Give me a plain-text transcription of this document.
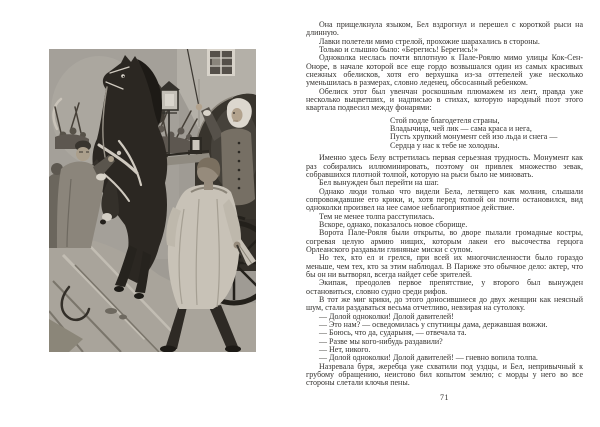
Она прищелкнула языком, Бел вздрогнул и перешел с короткой рыси на длинную.

Лавки полетели мимо стрелой, прохожие шарахались в стороны.

Только и слышно было: «Берегись! Берегись!»

Одноколка неслась почти вплотную к Пале-Роялю мимо улицы Кок-Сен-Оноре, в начале которой все еще гордо возвышался один из самых красивых снежных обелисков, хотя его верхушка из-за оттепелей уже несколько уменьшилась в размерах, словно леденец, обсосанный ребенком.

Обелиск этот был увенчан роскошным плюмажем из лент, правда уже несколько выцветших, и надписью в стихах, которую народный поэт этого квартала подвесил между фонарями:

Стой подле благодетеля страны,
Владычица, чей лик — сама краса и нега,
Пусть хрупкий монумент сей изо льда и снега —
Сердца у нас к тебе не холодны.

Именно здесь Белу встретилась первая серьезная трудность. Монумент как раз собирались иллюминировать, поэтому он привлек множество зевак, собравшихся плотной толпой, которую на рыси было не миновать.

Бел вынужден был перейти на шаг.

Однако люди только что видели Бела, летящего как молния, слышали сопровождавшие его крики, и, хотя перед толпой он почти остановился, вид одноколки произвел на нее самое неблагоприятное действие.

Тем не менее толпа расступилась.

Вскоре, однако, показалось новое сборище.

Ворота Пале-Рояля были открыты, во дворе пылали громадные костры, согревая целую армию нищих, которым лакеи его высочества герцога Орлеанского раздавали глиняные миски с супом.

Но тех, кто ел и грелся, при всей их многочисленности было гораздо меньше, чем тех, кто за этим наблюдал. В Париже это обычное дело: актер, что бы он ни вытворял, всегда найдет себе зрителей.

Экипаж, преодолев первое препятствие, у второго был вынужден остановиться, словно судно среди рифов.

В тот же миг крики, до этого доносившиеся до двух женщин как неясный шум, стали раздаваться весьма отчетливо, невзирая на сутолоку.

— Долой одноколки! Долой давителей!

— Это нам? — осведомилась у спутницы дама, державшая вожжи.

— Боюсь, что да, сударыня, — отвечала та.

— Разве мы кого-нибудь раздавили?

— Нет, никого.

— Долой одноколки! Долой давителей! — гневно вопила толпа.

Назревала буря, жеребца уже схватили под уздцы, и Бел, непривычный к грубому обращению, неистово бил копытом землю; с морды у него во все стороны слетали клочья пены.

71
